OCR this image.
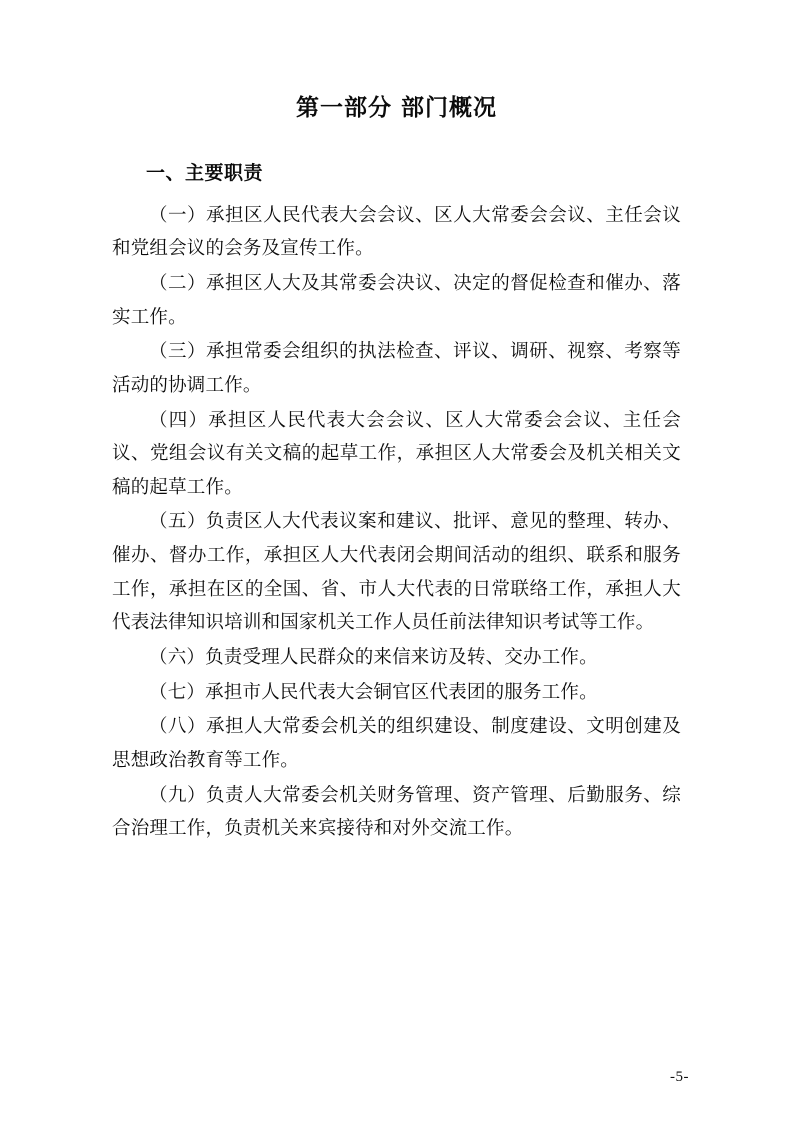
第一部分 部门概况
一、主要职责

（一）承担区人民代表大会会议、区人大常委会会议、主任会议和党组会议的会务及宣传工作。

（二）承担区人大及其常委会决议、决定的督促检查和催办、落实工作。

（三）承担常委会组织的执法检查、评议、调研、视察、考察等活动的协调工作。

（四）承担区人民代表大会会议、区人大常委会会议、主任会议、党组会议有关文稿的起草工作，承担区人大常委会及机关相关文稿的起草工作。

（五）负责区人大代表议案和建议、批评、意见的整理、转办、催办、督办工作，承担区人大代表闭会期间活动的组织、联系和服务工作，承担在区的全国、省、市人大代表的日常联络工作，承担人大代表法律知识培训和国家机关工作人员任前法律知识考试等工作。

（六）负责受理人民群众的来信来访及转、交办工作。

（七）承担市人民代表大会铜官区代表团的服务工作。

（八）承担人大常委会机关的组织建设、制度建设、文明创建及思想政治教育等工作。

（九）负责人大常委会机关财务管理、资产管理、后勤服务、综合治理工作，负责机关来宾接待和对外交流工作。

-5-
